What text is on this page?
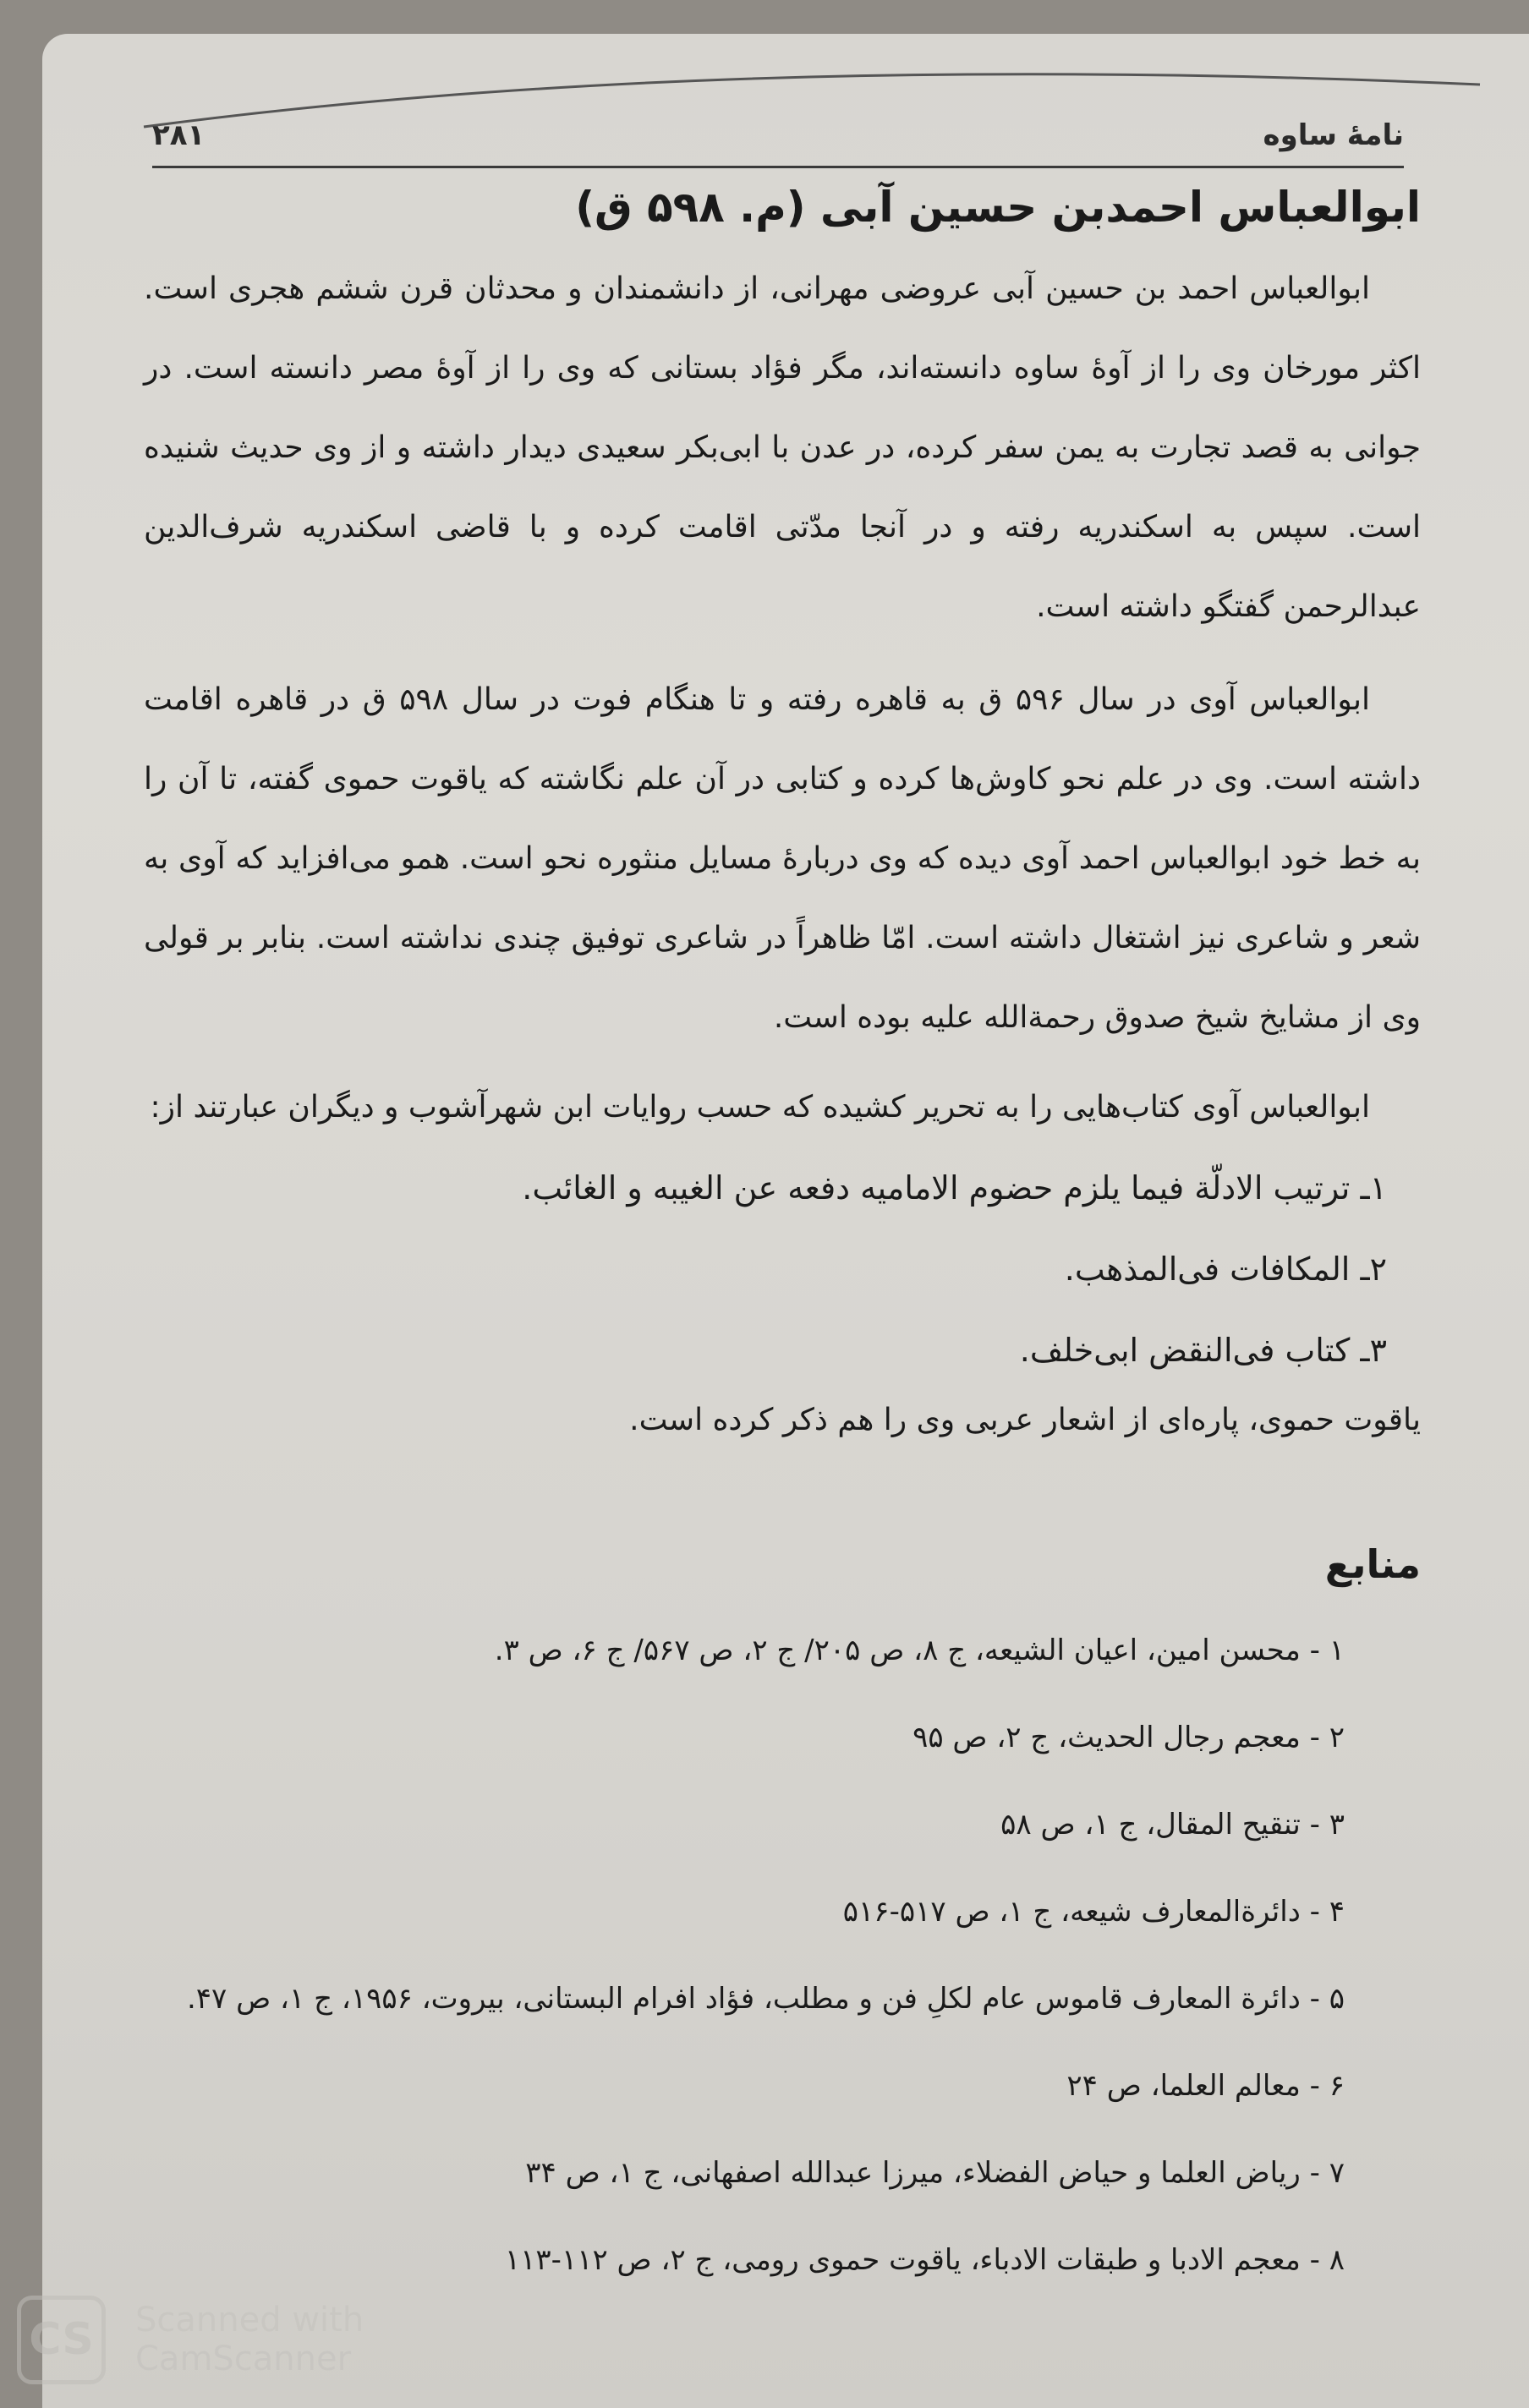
نامهٔ ساوه
۲۸۱
ابوالعباس احمدبن حسین آبی (م. ۵۹۸ ق)

ابوالعباس احمد بن حسین آبی عروضی مهرانی، از دانشمندان و محدثان قرن ششم هجری است. اکثر مورخان وی را از آوهٔ ساوه دانسته‌اند، مگر فؤاد بستانی که وی را از آوهٔ مصر دانسته است. در جوانی به قصد تجارت به یمن سفر کرده، در عدن با ابی‌بکر سعیدی دیدار داشته و از وی حدیث شنیده است. سپس به اسکندریه رفته و در آنجا مدّتی اقامت کرده و با قاضی اسکندریه شرف‌الدین عبدالرحمن گفتگو داشته است.

ابوالعباس آوی در سال ۵۹۶ ق به قاهره رفته و تا هنگام فوت در سال ۵۹۸ ق در قاهره اقامت داشته است. وی در علم نحو کاوش‌ها کرده و کتابی در آن علم نگاشته که یاقوت حموی گفته، تا آن را به خط خود ابوالعباس احمد آوی دیده که وی دربارهٔ مسایل منثوره نحو است. همو می‌افزاید که آوی به شعر و شاعری نیز اشتغال داشته است. امّا ظاهراً در شاعری توفیق چندی نداشته است. بنابر بر قولی وی از مشایخ شیخ صدوق رحمةالله علیه بوده است.

ابوالعباس آوی کتاب‌هایی را به تحریر کشیده که حسب روایات ابن شهرآشوب و دیگران عبارتند از:

۱ـ ترتیب الادلّة فیما یلزم حضوم الامامیه دفعه عن الغیبه و الغائب.

۲ـ المکافات فی‌المذهب.

۳ـ کتاب فی‌النقض ابی‌خلف.

یاقوت حموی، پاره‌ای از اشعار عربی وی را هم ذکر کرده است.

منابع

۱ - محسن امین، اعیان الشیعه، ج ۸، ص ۲۰۵/ ج ۲، ص ۵۶۷/ ج ۶، ص ۳.

۲ - معجم رجال الحدیث، ج ۲، ص ۹۵

۳ - تنقیح المقال، ج ۱، ص ۵۸

۴ - دائرةالمعارف شیعه، ج ۱، ص ۵۱۷-۵۱۶

۵ - دائرة المعارف قاموس عام لکلِ فن و مطلب، فؤاد افرام البستانی، بیروت، ۱۹۵۶، ج ۱، ص ۴۷.

۶ - معالم العلما، ص ۲۴

۷ - ریاض العلما و حیاض الفضلاء، میرزا عبدالله اصفهانی، ج ۱، ص ۳۴

۸ - معجم الادبا و طبقات الادباء، یاقوت حموی رومی، ج ۲، ص ۱۱۲-۱۱۳

CS	Scanned with
CamScanner
